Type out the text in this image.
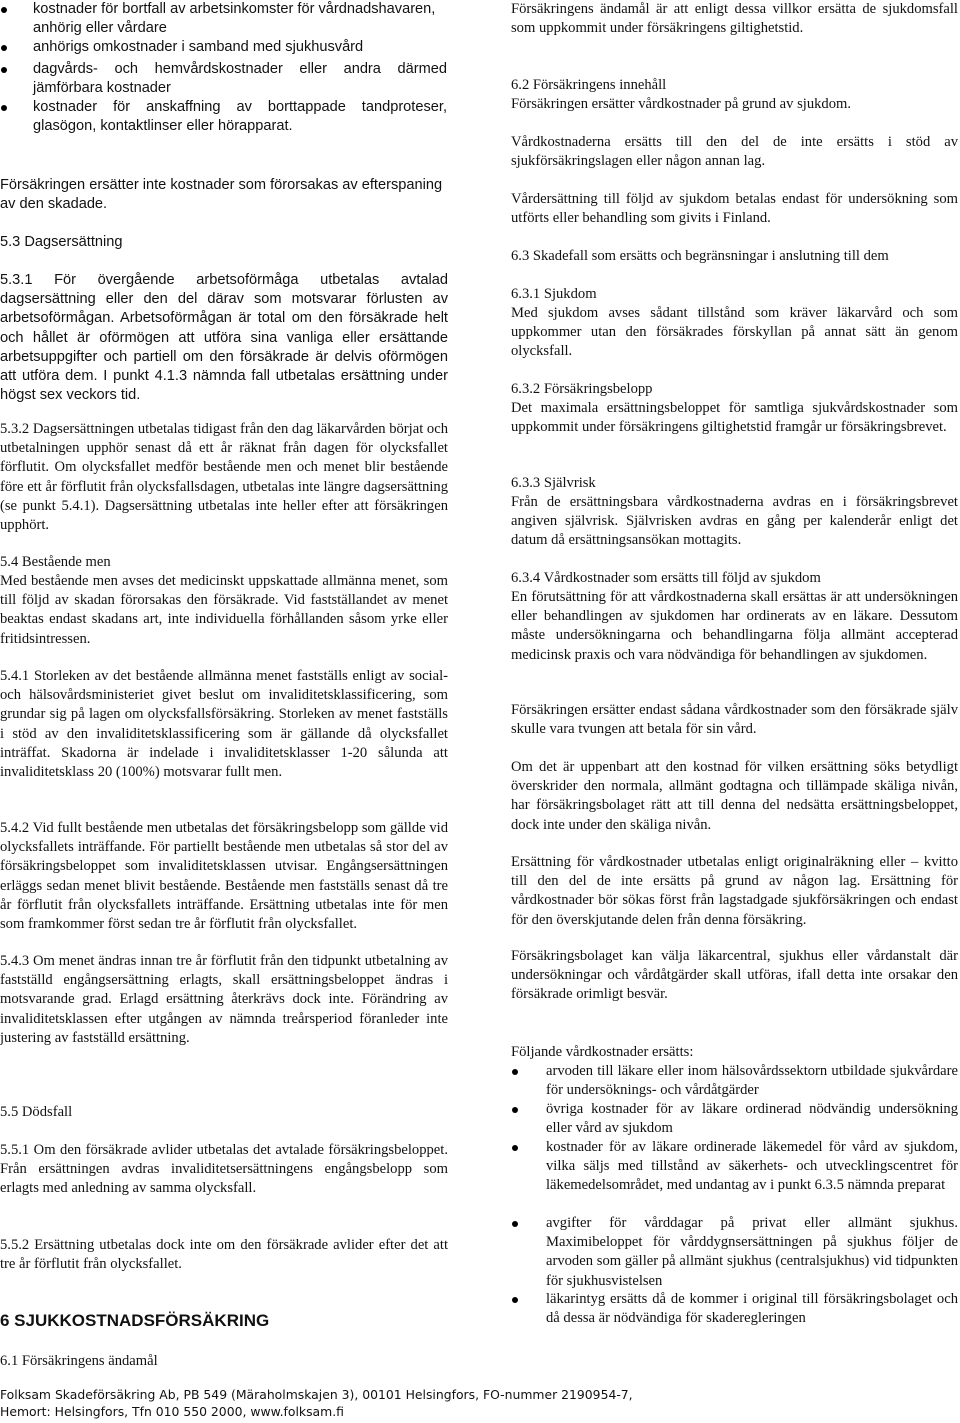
kostnader för bortfall av arbetsinkomster för vårdnadshavaren, anhörig eller vårdare
anhörigs omkostnader i samband med sjukhusvård
dagvårds- och hemvårdskostnader eller andra därmed jämförbara kostnader
kostnader för anskaffning av borttappade tandproteser, glasögon, kontaktlinser eller hörapparat.

Försäkringen ersätter inte kostnader som förorsakas av efterspaning av den skadade.

5.3 Dagsersättning

5.3.1 För övergående arbetsoförmåga utbetalas avtalad dagsersättning eller den del därav som motsvarar förlusten av arbetsoförmågan. Arbetsoförmågan är total om den försäkrade helt och hållet är oförmögen att utföra sina vanliga eller ersättande arbetsuppgifter och partiell om den försäkrade är delvis oförmögen att utföra dem. I punkt 4.1.3 nämnda fall utbetalas ersättning under högst sex veckors tid.

5.3.2 Dagsersättningen utbetalas tidigast från den dag läkarvården börjat och utbetalningen upphör senast då ett år räknat från dagen för olycksfallet förflutit. Om olycksfallet medför bestående men och menet blir bestående före ett år förflutit från olycksfallsdagen, utbetalas inte längre dagsersättning (se punkt 5.4.1). Dagsersättning utbetalas inte heller efter att försäkringen upphört.

5.4 Bestående men

Med bestående men avses det medicinskt uppskattade allmänna menet, som till följd av skadan förorsakas den försäkrade. Vid fastställandet av menet beaktas endast skadans art, inte individuella förhållanden såsom yrke eller fritidsintressen.

5.4.1 Storleken av det bestående allmänna menet fastställs enligt av social- och hälsovårdsministeriet givet beslut om invaliditetsklassificering, som grundar sig på lagen om olycksfallsförsäkring. Storleken av menet fastställs i stöd av den invaliditetsklassificering som är gällande då olycksfallet inträffat. Skadorna är indelade i invaliditetsklasser 1-20 sålunda att invaliditetsklass 20 (100%) motsvarar fullt men.

5.4.2 Vid fullt bestående men utbetalas det försäkringsbelopp som gällde vid olycksfallets inträffande. För partiellt bestående men utbetalas så stor del av försäkringsbeloppet som invaliditetsklassen utvisar. Engångsersättningen erläggs sedan menet blivit bestående. Bestående men fastställs senast då tre år förflutit från olycksfallets inträffande. Ersättning utbetalas inte för men som framkommer först sedan tre år förflutit från olycksfallet.

5.4.3 Om menet ändras innan tre år förflutit från den tidpunkt utbetalning av fastställd engångsersättning erlagts, skall ersättningsbeloppet ändras i motsvarande grad. Erlagd ersättning återkrävs dock inte. Förändring av invaliditetsklassen efter utgången av nämnda treårsperiod föranleder inte justering av fastställd ersättning.

5.5 Dödsfall

5.5.1 Om den försäkrade avlider utbetalas det avtalade försäkringsbeloppet. Från ersättningen avdras invaliditetsersättningens engångsbelopp som erlagts med anledning av samma olycksfall.

5.5.2 Ersättning utbetalas dock inte om den försäkrade avlider efter det att tre år förflutit från olycksfallet.

6 SJUKKOSTNADSFÖRSÄKRING

6.1 Försäkringens ändamål

Försäkringens ändamål är att enligt dessa villkor ersätta de sjukdomsfall som uppkommit under försäkringens giltighetstid.

6.2 Försäkringens innehåll

Försäkringen ersätter vårdkostnader på grund av sjukdom.

Vårdkostnaderna ersätts till den del de inte ersätts i stöd av sjukförsäkringslagen eller någon annan lag.

Vårdersättning till följd av sjukdom betalas endast för undersökning som utförts eller behandling som givits i Finland.

6.3 Skadefall som ersätts och begränsningar i anslutning till dem

6.3.1 Sjukdom

Med sjukdom avses sådant tillstånd som kräver läkarvård och som uppkommer utan den försäkrades förskyllan på annat sätt än genom olycksfall.

6.3.2 Försäkringsbelopp

Det maximala ersättningsbeloppet för samtliga sjukvårdskostnader som uppkommit under försäkringens giltighetstid framgår ur försäkringsbrevet.

6.3.3 Självrisk

Från de ersättningsbara vårdkostnaderna avdras en i försäkringsbrevet angiven självrisk. Självrisken avdras en gång per kalenderår enligt det datum då ersättningsansökan mottagits.

6.3.4 Vårdkostnader som ersätts till följd av sjukdom

En förutsättning för att vårdkostnaderna skall ersättas är att undersökningen eller behandlingen av sjukdomen har ordinerats av en läkare. Dessutom måste undersökningarna och behandlingarna följa allmänt accepterad medicinsk praxis och vara nödvändiga för behandlingen av sjukdomen.

Försäkringen ersätter endast sådana vårdkostnader som den försäkrade själv skulle vara tvungen att betala för sin vård.

Om det är uppenbart att den kostnad för vilken ersättning söks betydligt överskrider den normala, allmänt godtagna och tillämpade skäliga nivån, har försäkringsbolaget rätt att till denna del nedsätta ersättningsbeloppet, dock inte under den skäliga nivån.

Ersättning för vårdkostnader utbetalas enligt originalräkning eller – kvitto till den del de inte ersätts på grund av någon lag. Ersättning för vårdkostnader bör sökas först från lagstadgade sjukförsäkringen och endast för den överskjutande delen från denna försäkring.

Försäkringsbolaget kan välja läkarcentral, sjukhus eller vårdanstalt där undersökningar och vårdåtgärder skall utföras, ifall detta inte orsakar den försäkrade orimligt besvär.

Följande vårdkostnader ersätts:

arvoden till läkare eller inom hälsovårdssektorn utbildade sjukvårdare för undersöknings- och vårdåtgärder
övriga kostnader för av läkare ordinerad nödvändig undersökning eller vård av sjukdom
kostnader för av läkare ordinerade läkemedel för vård av sjukdom, vilka säljs med tillstånd av säkerhets- och utvecklingscentret för läkemedelsområdet, med undantag av i punkt 6.3.5 nämnda preparat
avgifter för vårddagar på privat eller allmänt sjukhus. Maximibeloppet för vårddygnsersättningen på sjukhus följer de arvoden som gäller på allmänt sjukhus (centralsjukhus) vid tidpunkten för sjukhusvistelsen
läkarintyg ersätts då de kommer i original till försäkringsbolaget och då dessa är nödvändiga för skaderegleringen
Folksam Skadeförsäkring Ab, PB 549 (Märaholmskajen 3), 00101 Helsingfors, FO-nummer 2190954-7,
Hemort: Helsingfors, Tfn 010 550 2000, www.folksam.fi
